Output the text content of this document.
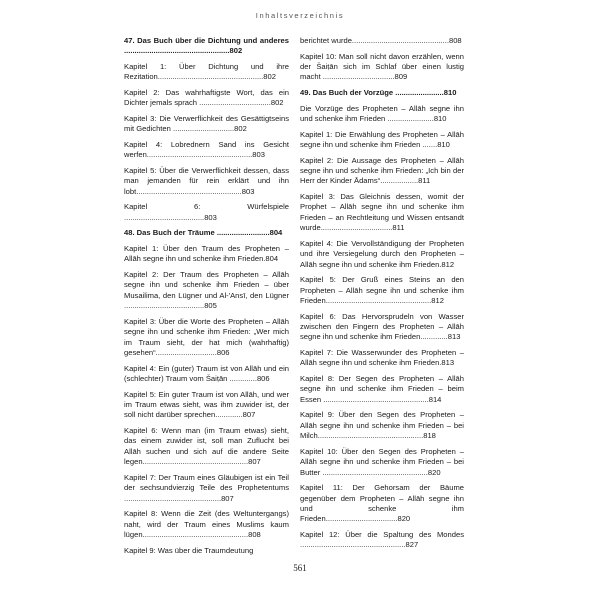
Inhaltsverzeichnis

47. Das Buch über die Dichtung und anderes ..................................................802

Kapitel 1: Über Dichtung und ihre Rezitation..................................................802

Kapitel 2: Das wahrhaftigste Wort, das ein Dichter jemals sprach ..................................802

Kapitel 3: Die Verwerflichkeit des Gesättigtseins mit Gedichten .............................802

Kapitel 4: Lobrednern Sand ins Gesicht werfen..................................................803

Kapitel 5: Über die Verwerflichkeit dessen, dass man jemanden für rein erklärt und ihn lobt..................................................803

Kapitel 6: Würfelspiele ......................................803

48. Das Buch der Träume .........................804

Kapitel 1: Über den Traum des Propheten – Allāh segne ihn und schenke ihm Frieden.804

Kapitel 2: Der Traum des Propheten – Allāh segne ihn und schenke ihm Frieden – über Musailima, den Lügner und Al-'Ansī, den Lügner ......................................805

Kapitel 3: Über die Worte des Propheten – Allāh segne ihn und schenke ihm Frieden: „Wer mich im Traum sieht, der hat mich (wahrhaftig) gesehen“.............................806

Kapitel 4: Ein (guter) Traum ist von Allāh und ein (schlechter) Traum vom Šaiṭān .............806

Kapitel 5: Ein guter Traum ist von Allāh, und wer im Traum etwas sieht, was ihm zuwider ist, der soll nicht darüber sprechen.............807

Kapitel 6: Wenn man (im Traum etwas) sieht, das einem zuwider ist, soll man Zuflucht bei Allāh suchen und sich auf die andere Seite legen..................................................807

Kapitel 7: Der Traum eines Gläubigen ist ein Teil der sechsundvierzig Teile des Prophetentums ..............................................807

Kapitel 8: Wenn die Zeit (des Weltuntergangs) naht, wird der Traum eines Muslims kaum lügen..................................................808

Kapitel 9: Was über die Traumdeutung

berichtet wurde..............................................808

Kapitel 10: Man soll nicht davon erzählen, wenn der Šaiṭān sich im Schlaf über einen lustig macht ..................................809

49. Das Buch der Vorzüge .......................810

Die Vorzüge des Propheten – Allāh segne ihn und schenke ihm Frieden ......................810

Kapitel 1: Die Erwählung des Propheten – Allāh segne ihn und schenke ihm Frieden .......810

Kapitel 2: Die Aussage des Propheten – Allāh segne ihn und schenke ihm Frieden: „Ich bin der Herr der Kinder Ādams“..................811

Kapitel 3: Das Gleichnis dessen, womit der Prophet – Allāh segne ihn und schenke ihm Frieden – an Rechtleitung und Wissen entsandt wurde..................................811

Kapitel 4: Die Vervollständigung der Propheten und ihre Versiegelung durch den Propheten – Allāh segne ihn und schenke ihm Frieden.812

Kapitel 5: Der Gruß eines Steins an den Propheten – Allāh segne ihn und schenke ihm Frieden..................................................812

Kapitel 6: Das Hervorsprudeln von Wasser zwischen den Fingern des Propheten – Allāh segne ihn und schenke ihm Frieden.............813

Kapitel 7: Die Wasserwunder des Propheten – Allāh segne ihn und schenke ihm Frieden.813

Kapitel 8: Der Segen des Propheten – Allāh segne ihn und schenke ihm Frieden – beim Essen ..................................................814

Kapitel 9: Über den Segen des Propheten – Allāh segne ihn und schenke ihm Frieden – bei Milch..................................................818

Kapitel 10: Über den Segen des Propheten – Allāh segne ihn und schenke ihm Frieden – bei Butter ..................................................820

Kapitel 11: Der Gehorsam der Bäume gegenüber dem Propheten – Allāh segne ihn und schenke ihm Frieden..................................820

Kapitel 12: Über die Spaltung des Mondes ..................................................827

561
